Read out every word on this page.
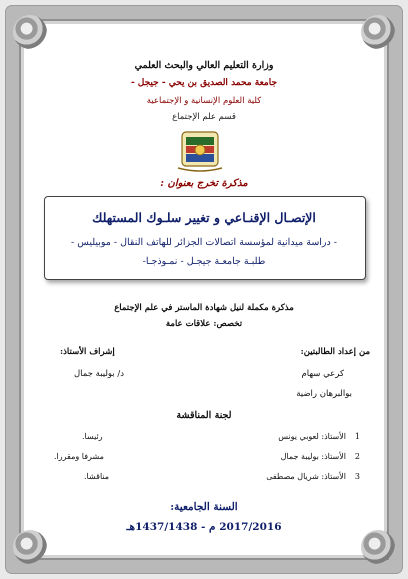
وزارة التعليم العالي والبحث العلمي
جامعة محمد الصديق بن يحي - جيجل -
كلية العلوم الإنسانية و الإجتماعية
قسم علم الإجتماع
مذكرة تخرج بعنوان :
الإتصـال الإقنـاعي و تغيير سلـوك المستهلك
- دراسة ميدانية لمؤسسة اتصالات الجزائر للهاتف النقال - موبيليس -
طلبـة جامعـة جيجـل - نمـوذجـا-
مذكرة مكملة لنيل شهادة الماستر في علم الإجتماع
تخصص: علاقات عامة
من إعداد الطالبتين:
إشراف الأستاذ:
كرعي سهام
د/ بوليبة جمال
بوالبرهان راضية
لجنة المناقشة
1
الأستاذ: لعوبي يونس
رئيسا.
2
الأستاذ: بوليبة جمال
مشرفا ومقررا.
3
الأستاذ: شريال مصطفى
مناقشا.
السنة الجامعية:
2017/2016 م - 1437/1438هـ
